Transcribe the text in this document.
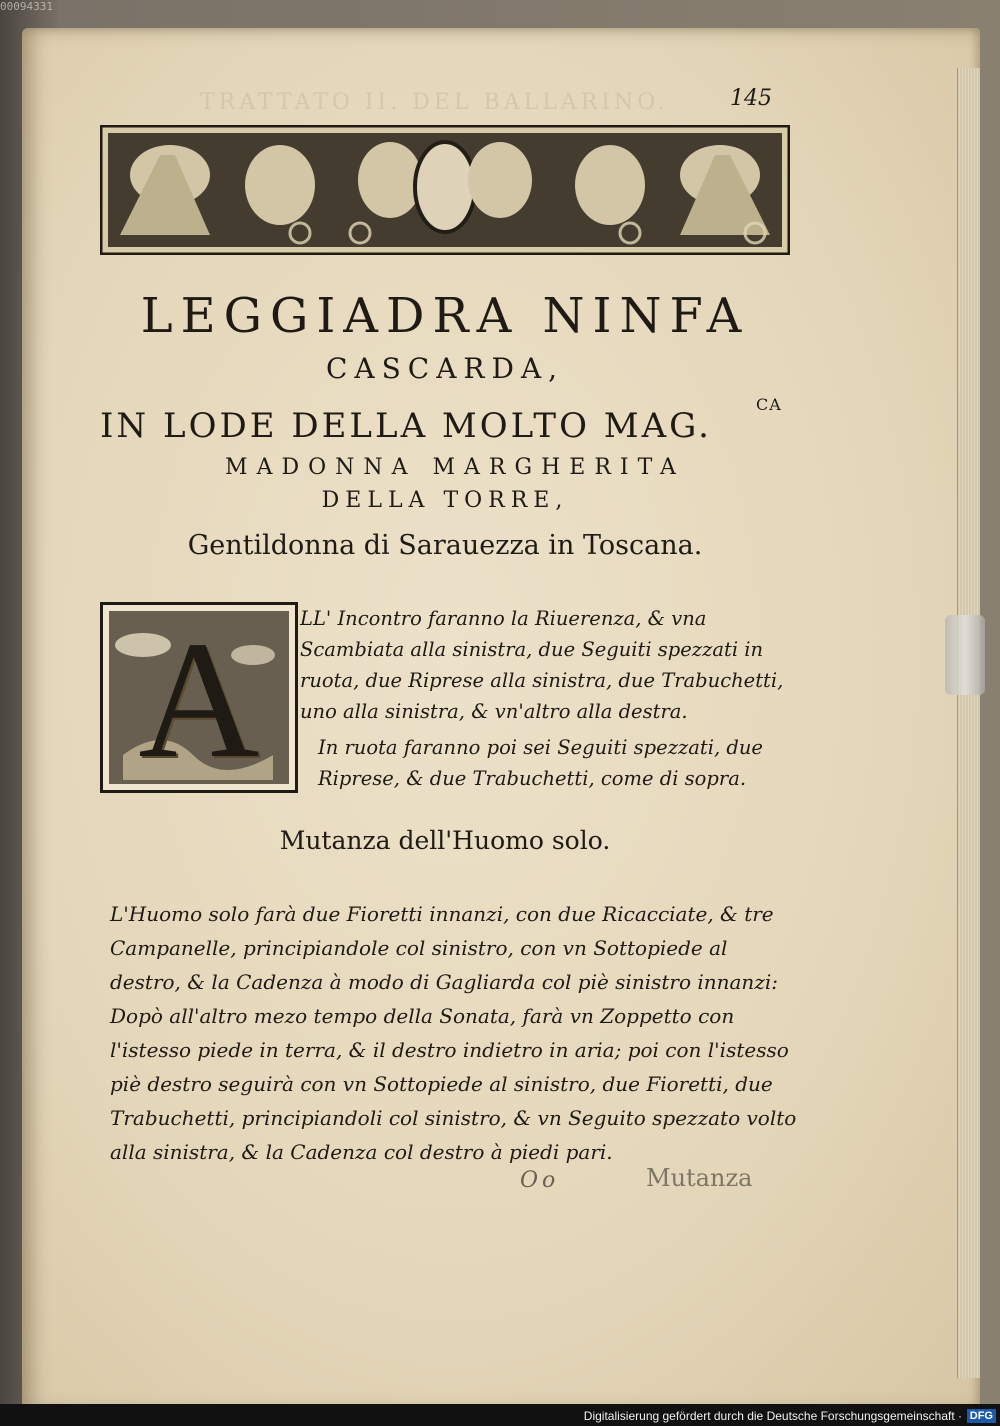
00094331
TRATTATO II. DEL BALLARINO.	145
LEGGIADRA NINFA
CASCARDA,
IN LODE DELLA MOLTO MAG.
CA
MADONNA MARGHERITA
DELLA TORRE,
Gentildonna di Sarauezza in Toscana.
A	LL' Incontro faranno la Riuerenza, & vna Scambiata alla sinistra, due Seguiti spezzati in ruota, due Riprese alla sinistra, due Trabuchetti, uno alla sinistra, & vn'altro alla destra.
In ruota faranno poi sei Seguiti spezzati, due Riprese, & due Trabuchetti, come di sopra.
Mutanza dell'Huomo solo.
L'Huomo solo farà due Fioretti innanzi, con due Ricacciate, & tre Campanelle, principiandole col sinistro, con vn Sottopiede al destro, & la Cadenza à modo di Gagliarda col piè sinistro innanzi: Dopò all'altro mezo tempo della Sonata, farà vn Zoppetto con l'istesso piede in terra, & il destro indietro in aria; poi con l'istesso piè destro seguirà con vn Sottopiede al sinistro, due Fioretti, due Trabuchetti, principiandoli col sinistro, & vn Seguito spezzato volto alla sinistra, & la Cadenza col destro à piedi pari.
Oo	Mutanza
Digitalisierung gefördert durch die Deutsche Forschungsgemeinschaft · DFG
